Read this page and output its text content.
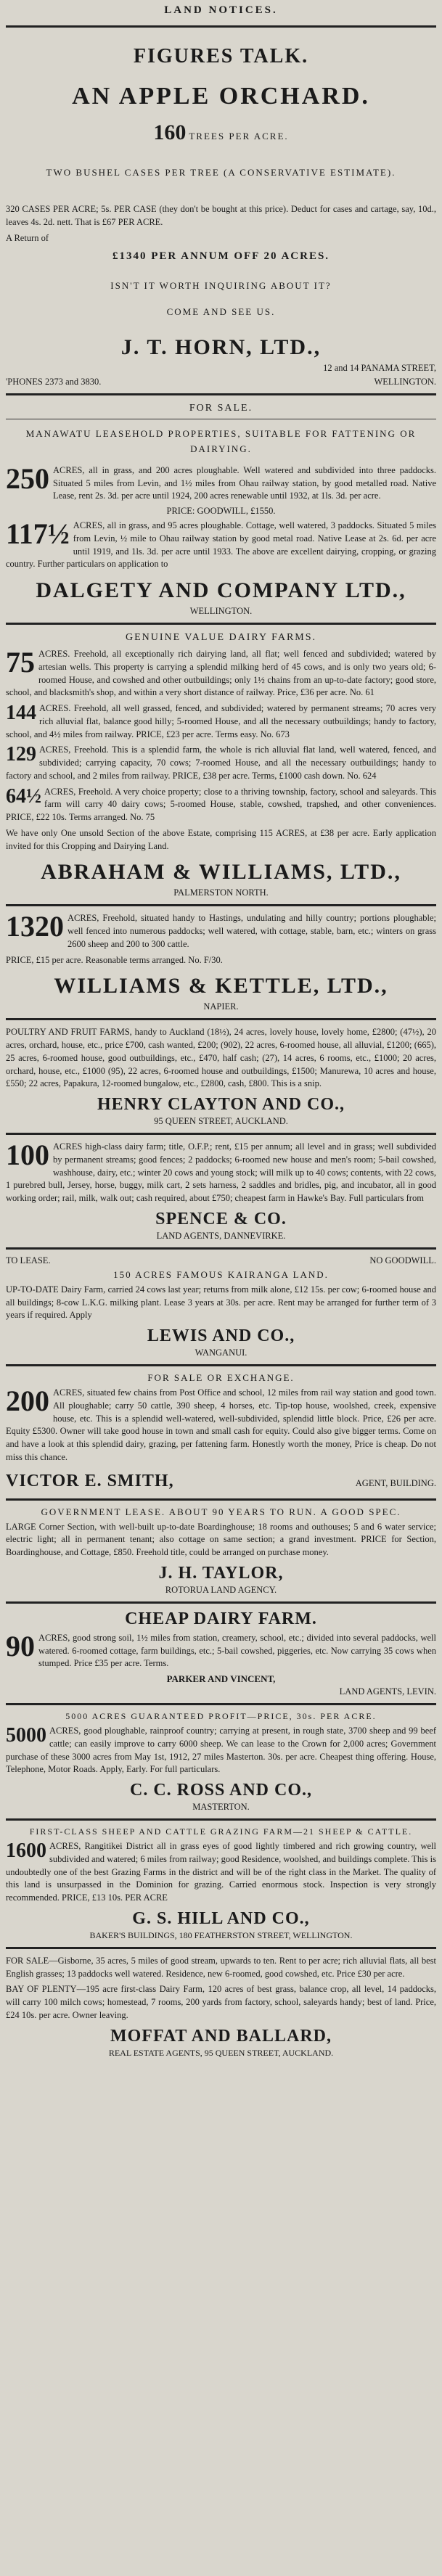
LAND NOTICES.
FIGURES TALK.
AN APPLE ORCHARD.
160 TREES PER ACRE.
TWO BUSHEL CASES PER TREE (A CONSERVATIVE ESTIMATE).
320 CASES PER ACRE; 5s. PER CASE (they don't be bought at this price). Deduct for cases and cartage, say, 10d., leaves 4s. 2d. nett. That is £67 PER ACRE.
A Return of
£1340 PER ANNUM OFF 20 ACRES.
ISN'T IT WORTH INQUIRING ABOUT IT?
COME AND SEE US.
J. T. HORN, LTD.,
12 and 14 PANAMA STREET,
'PHONES 2373 and 3830.	WELLINGTON.
FOR SALE.
MANAWATU LEASEHOLD PROPERTIES, SUITABLE FOR FATTENING OR DAIRYING.
250 ACRES, all in grass, and 200 acres ploughable. Well watered and subdivided into three paddocks. Situated 5 miles from Levin, and 1½ miles from Ohau railway station, by good metalled road. Native Lease, rent 2s. 3d. per acre until 1924, 200 acres renewable until 1932, at 1ls. 3d. per acre.
PRICE: GOODWILL, £1550.
117½ ACRES, all in grass, and 95 acres ploughable. Cottage, well watered, 3 paddocks. Situated 5 miles from Levin, ½ mile to Ohau railway station by good metal road. Native Lease at 2s. 6d. per acre until 1919, and 1ls. 3d. per acre until 1933. The above are excellent dairying, cropping, or grazing country. Further particulars on application to
DALGETY AND COMPANY LTD.,
WELLINGTON.
GENUINE VALUE DAIRY FARMS.
75 ACRES. Freehold, all exceptionally rich dairying land, all flat; well fenced and subdivided; watered by artesian wells. This property is carrying a splendid milking herd of 45 cows, and is only two years old; 6-roomed House, and cowshed and other outbuildings; only 1½ chains from an up-to-date factory; good store, school, and blacksmith's shop, and within a very short distance of railway. Price, £36 per acre. No. 61
144 ACRES. Freehold, all well grassed, fenced, and subdivided; watered by permanent streams; 70 acres very rich alluvial flat, balance good hilly; 5-roomed House, and all the necessary outbuildings; handy to factory, school, and 4½ miles from railway. PRICE, £23 per acre. Terms easy. No. 673
129 ACRES, Freehold. This is a splendid farm, the whole is rich alluvial flat land, well watered, fenced, and subdivided; carrying capacity, 70 cows; 7-roomed House, and all the necessary outbuildings; handy to factory and school, and 2 miles from railway. PRICE, £38 per acre. Terms, £1000 cash down. No. 624
64½ ACRES, Freehold. A very choice property; close to a thriving township, factory, school and saleyards. This farm will carry 40 dairy cows; 5-roomed House, stable, cowshed, trapshed, and other conveniences. PRICE, £22 10s. Terms arranged. No. 75
We have only One unsold Section of the above Estate, comprising 115 ACRES, at £38 per acre. Early application invited for this Cropping and Dairying Land.
ABRAHAM & WILLIAMS, LTD.,
PALMERSTON NORTH.
1320 ACRES, Freehold, situated handy to Hastings, undulating and hilly country; portions ploughable; well fenced into numerous paddocks; well watered, with cottage, stable, barn, etc.; winters on grass 2600 sheep and 200 to 300 cattle.
PRICE, £15 per acre. Reasonable terms arranged. No. F/30.
WILLIAMS & KETTLE, LTD.,
NAPIER.
POULTRY AND FRUIT FARMS, handy to Auckland (18½), 24 acres, lovely house, lovely home, £2800; (47½), 20 acres, orchard, house, etc., price £700, cash wanted, £200; (902), 22 acres, 6-roomed house, all alluvial, £1200; (665), 25 acres, 6-roomed house, good outbuildings, etc., £470, half cash; (27), 14 acres, 6 rooms, etc., £1000; 20 acres, orchard, house, etc., £1000 (95), 22 acres, 6-roomed house and outbuildings, £1500; Manurewa, 10 acres and house, £550; 22 acres, Papakura, 12-roomed bungalow, etc., £2800, cash, £800. This is a snip.
HENRY CLAYTON AND CO.,
95 QUEEN STREET, AUCKLAND.
100 ACRES high-class dairy farm; title, O.F.P.; rent, £15 per annum; all level and in grass; well subdivided by permanent streams; good fences; 2 paddocks; 6-roomed new house and men's room; 5-bail cowshed, washhouse, dairy, etc.; winter 20 cows and young stock; will milk up to 40 cows; contents, with 22 cows, 1 purebred bull, Jersey, horse, buggy, milk cart, 2 sets harness, 2 saddles and bridles, pig, and incubator, all in good working order; rail, milk, walk out; cash required, about £750; cheapest farm in Hawke's Bay. Full particulars from
SPENCE & CO.
LAND AGENTS, DANNEVIRKE.
TO LEASE.	NO GOODWILL.
150 ACRES FAMOUS KAIRANGA LAND.
UP-TO-DATE Dairy Farm, carried 24 cows last year; returns from milk alone, £12 15s. per cow; 6-roomed house and all buildings; 8-cow L.K.G. milking plant. Lease 3 years at 30s. per acre. Rent may be arranged for further term of 3 years if required. Apply
LEWIS AND CO.,
WANGANUI.
FOR SALE OR EXCHANGE.
200 ACRES, situated few chains from Post Office and school, 12 miles from rail way station and good town. All ploughable; carry 50 cattle, 390 sheep, 4 horses, etc. Tip-top house, woolshed, creek, expensive house, etc. This is a splendid well-watered, well-subdivided, splendid little block. Price, £26 per acre. Equity £5300. Owner will take good house in town and small cash for equity. Could also give bigger terms. Come on and have a look at this splendid dairy, grazing, per fattening farm. Honestly worth the money, Price is cheap. Do not miss this chance.
VICTOR E. SMITH,	AGENT, BUILDING.
GOVERNMENT LEASE. ABOUT 90 YEARS TO RUN. A GOOD SPEC.
LARGE Corner Section, with well-built up-to-date Boardinghouse; 18 rooms and outhouses; 5 and 6 water service; electric light; all in permanent tenant; also cottage on same section; a grand investment. PRICE for Section, Boardinghouse, and Cottage, £850. Freehold title, could be arranged on purchase money.
J. H. TAYLOR,
ROTORUA LAND AGENCY.
CHEAP DAIRY FARM.
90 ACRES, good strong soil, 1½ miles from station, creamery, school, etc.; divided into several paddocks, well watered. 6-roomed cottage, farm buildings, etc.; 5-bail cowshed, piggeries, etc. Now carrying 35 cows when stumped. Price £35 per acre. Terms.
PARKER AND VINCENT,
LAND AGENTS, LEVIN.
5000 ACRES GUARANTEED PROFIT—PRICE, 30s. PER ACRE.
5000 ACRES, good ploughable, rainproof country; carrying at present, in rough state, 3700 sheep and 99 beef cattle; can easily improve to carry 6000 sheep. We can lease to the Crown for 2,000 acres; Government purchase of these 3000 acres from May 1st, 1912, 27 miles Masterton. 30s. per acre. Cheapest thing offering. House, Telephone, Motor Roads. Apply, Early. For full particulars.
C. C. ROSS AND CO.,
MASTERTON.
FIRST-CLASS SHEEP AND CATTLE GRAZING FARM—21 SHEEP & CATTLE.
1600 ACRES, Rangitikei District all in grass eyes of good lightly timbered and rich growing country, well subdivided and watered; 6 miles from railway; good Residence, woolshed, and buildings complete. This is undoubtedly one of the best Grazing Farms in the district and will be of the right class in the Market. The quality of this land is unsurpassed in the Dominion for grazing. Carried enormous stock. Inspection is very strongly recommended. PRICE, £13 10s. PER ACRE
G. S. HILL AND CO.,
BAKER'S BUILDINGS, 180 FEATHERSTON STREET, WELLINGTON.
FOR SALE—Gisborne, 35 acres, 5 miles of good stream, upwards to ten. Rent to per acre; rich alluvial flats, all best English grasses; 13 paddocks well watered. Residence, new 6-roomed, good cowshed, etc. Price £30 per acre.
BAY OF PLENTY—195 acre first-class Dairy Farm, 120 acres of best grass, balance crop, all level, 14 paddocks, will carry 100 milch cows; homestead, 7 rooms, 200 yards from factory, school, saleyards handy; best of land. Price, £24 10s. per acre. Owner leaving.
MOFFAT AND BALLARD,
REAL ESTATE AGENTS, 95 QUEEN STREET, AUCKLAND.
